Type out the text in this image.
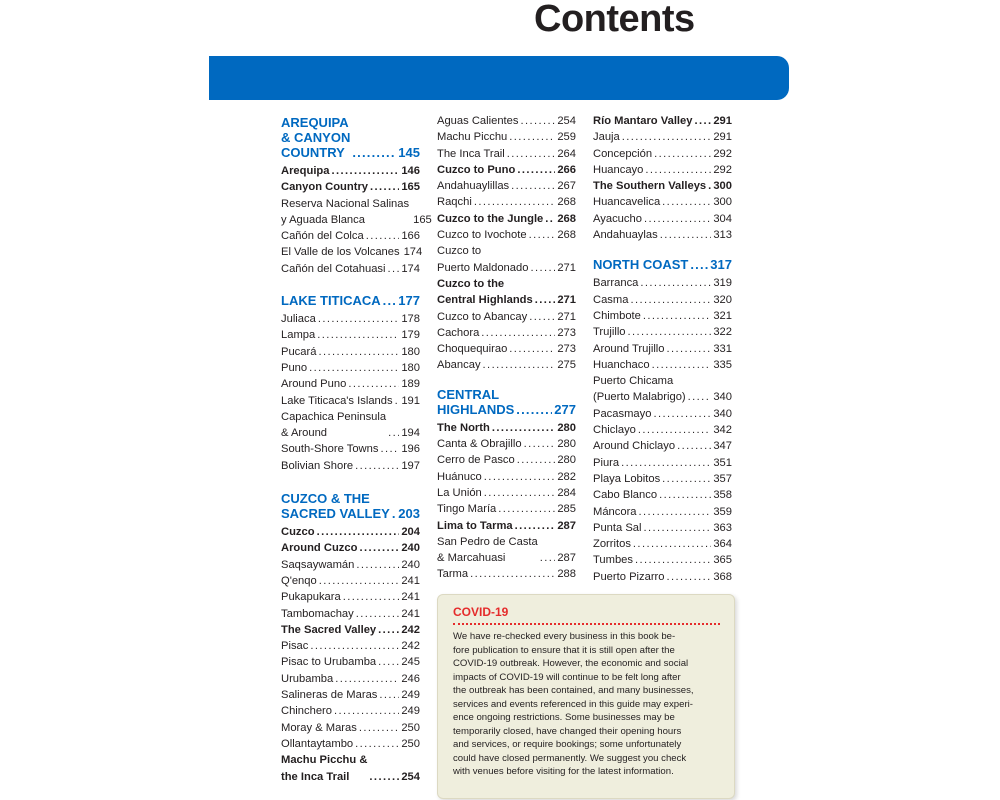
Contents
AREQUIPA
& CANYON
COUNTRY .....	145
Arequipa .....	146
Canyon Country .....	165
Reserva Nacional Salinas
y Aguada Blanca	165
Cañón del Colca .....	166
El Valle de los Volcanes 174
Cañón del Cotahuasi ..... 174
LAKE TITICACA ..... 177
Juliaca .....	178
Lampa .....	179
Pucará .....	180
Puno .....	180
Around Puno .....	189
Lake Titicaca's Islands ..... 191
Capachica Peninsula
& Around .....	194
South-Shore Towns ..... 196
Bolivian Shore .....	197
CUZCO & THE
SACRED VALLEY ..... 203
Cuzco .....	204
Around Cuzco .....	240
Saqsaywamán .....	240
Q'enqo .....	241
Pukapukara .....	241
Tambomachay .....	241
The Sacred Valley ..... 242
Pisac .....	242
Pisac to Urubamba ..... 245
Urubamba .....	246
Salineras de Maras ..... 249
Chinchero .....	249
Moray & Maras .....	250
Ollantaytambo .....	250
Machu Picchu &
the Inca Trail .....	254
Aguas Calientes .....	254
Machu Picchu .....	259
The Inca Trail .....	264
Cuzco to Puno .....	266
Andahuaylillas .....	267
Raqchi .....	268
Cuzco to the Jungle ..... 268
Cuzco to Ivochote .....	268
Cuzco to
Puerto Maldonado .....	271
Cuzco to the
Central Highlands ..... 271
Cuzco to Abancay .....	271
Cachora .....	273
Choquequirao .....	273
Abancay .....	275
CENTRAL
HIGHLANDS .....	277
The North .....	280
Canta & Obrajillo .....	280
Cerro de Pasco .....	280
Huánuco .....	282
La Unión .....	284
Tingo María .....	285
Lima to Tarma .....	287
San Pedro de Casta
& Marcahuasi .....	287
Tarma .....	288
Río Mantaro Valley ..... 291
Jauja .....	291
Concepción .....	292
Huancayo .....	292
The Southern Valleys ..... 300
Huancavelica .....	300
Ayacucho .....	304
Andahuaylas .....	313
NORTH COAST ..... 317
Barranca .....	319
Casma .....	320
Chimbote .....	321
Trujillo .....	322
Around Trujillo .....	331
Huanchaco .....	335
Puerto Chicama
(Puerto Malabrigo) ..... 340
Pacasmayo .....	340
Chiclayo .....	342
Around Chiclayo .....	347
Piura .....	351
Playa Lobitos .....	357
Cabo Blanco .....	358
Máncora .....	359
Punta Sal .....	363
Zorritos .....	364
Tumbes .....	365
Puerto Pizarro .....	368
COVID-19
We have re-checked every business in this book be-
fore publication to ensure that it is still open after the
COVID-19 outbreak. However, the economic and social
impacts of COVID-19 will continue to be felt long after
the outbreak has been contained, and many businesses,
services and events referenced in this guide may experi-
ence ongoing restrictions. Some businesses may be
temporarily closed, have changed their opening hours
and services, or require bookings; some unfortunately
could have closed permanently. We suggest you check
with venues before visiting for the latest information.
